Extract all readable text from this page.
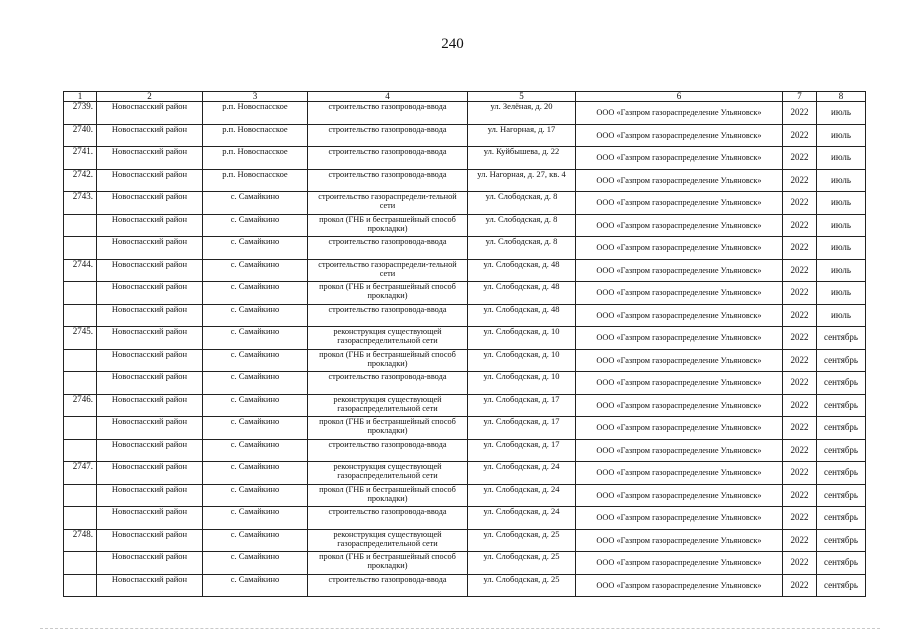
240
1	2	3	4	5	6	7	8
2739.	Новоспасский район	р.п. Новоспасское	строительство газопровода-ввода	ул. Зелёная, д. 20	ООО «Газпром газораспределение Ульяновск»	2022	июль
2740.	Новоспасский район	р.п. Новоспасское	строительство газопровода-ввода	ул. Нагорная, д. 17	ООО «Газпром газораспределение Ульяновск»	2022	июль
2741.	Новоспасский район	р.п. Новоспасское	строительство газопровода-ввода	ул. Куйбышева, д. 22	ООО «Газпром газораспределение Ульяновск»	2022	июль
2742.	Новоспасский район	р.п. Новоспасское	строительство газопровода-ввода	ул. Нагорная, д. 27, кв. 4	ООО «Газпром газораспределение Ульяновск»	2022	июль
2743.	Новоспасский район	с. Самайкино	строительство газораспредели-тельной сети	ул. Слободская, д. 8	ООО «Газпром газораспределение Ульяновск»	2022	июль
	Новоспасский район	с. Самайкино	прокол (ГНБ и бестраншейный способ прокладки)	ул. Слободская, д. 8	ООО «Газпром газораспределение Ульяновск»	2022	июль
	Новоспасский район	с. Самайкино	строительство газопровода-ввода	ул. Слободская, д. 8	ООО «Газпром газораспределение Ульяновск»	2022	июль
2744.	Новоспасский район	с. Самайкино	строительство газораспредели-тельной сети	ул. Слободская, д. 48	ООО «Газпром газораспределение Ульяновск»	2022	июль
	Новоспасский район	с. Самайкино	прокол (ГНБ и бестраншейный способ прокладки)	ул. Слободская, д. 48	ООО «Газпром газораспределение Ульяновск»	2022	июль
	Новоспасский район	с. Самайкино	строительство газопровода-ввода	ул. Слободская, д. 48	ООО «Газпром газораспределение Ульяновск»	2022	июль
2745.	Новоспасский район	с. Самайкино	реконструкция существующей газораспределительной сети	ул. Слободская, д. 10	ООО «Газпром газораспределение Ульяновск»	2022	сентябрь
	Новоспасский район	с. Самайкино	прокол (ГНБ и бестраншейный способ прокладки)	ул. Слободская, д. 10	ООО «Газпром газораспределение Ульяновск»	2022	сентябрь
	Новоспасский район	с. Самайкино	строительство газопровода-ввода	ул. Слободская, д. 10	ООО «Газпром газораспределение Ульяновск»	2022	сентябрь
2746.	Новоспасский район	с. Самайкино	реконструкция существующей газораспределительной сети	ул. Слободская, д. 17	ООО «Газпром газораспределение Ульяновск»	2022	сентябрь
	Новоспасский район	с. Самайкино	прокол (ГНБ и бестраншейный способ прокладки)	ул. Слободская, д. 17	ООО «Газпром газораспределение Ульяновск»	2022	сентябрь
	Новоспасский район	с. Самайкино	строительство газопровода-ввода	ул. Слободская, д. 17	ООО «Газпром газораспределение Ульяновск»	2022	сентябрь
2747.	Новоспасский район	с. Самайкино	реконструкция существующей газораспределительной сети	ул. Слободская, д. 24	ООО «Газпром газораспределение Ульяновск»	2022	сентябрь
	Новоспасский район	с. Самайкино	прокол (ГНБ и бестраншейный способ прокладки)	ул. Слободская, д. 24	ООО «Газпром газораспределение Ульяновск»	2022	сентябрь
	Новоспасский район	с. Самайкино	строительство газопровода-ввода	ул. Слободская, д. 24	ООО «Газпром газораспределение Ульяновск»	2022	сентябрь
2748.	Новоспасский район	с. Самайкино	реконструкция существующей газораспределительной сети	ул. Слободская, д. 25	ООО «Газпром газораспределение Ульяновск»	2022	сентябрь
	Новоспасский район	с. Самайкино	прокол (ГНБ и бестраншейный способ прокладки)	ул. Слободская, д. 25	ООО «Газпром газораспределение Ульяновск»	2022	сентябрь
	Новоспасский район	с. Самайкино	строительство газопровода-ввода	ул. Слободская, д. 25	ООО «Газпром газораспределение Ульяновск»	2022	сентябрь
